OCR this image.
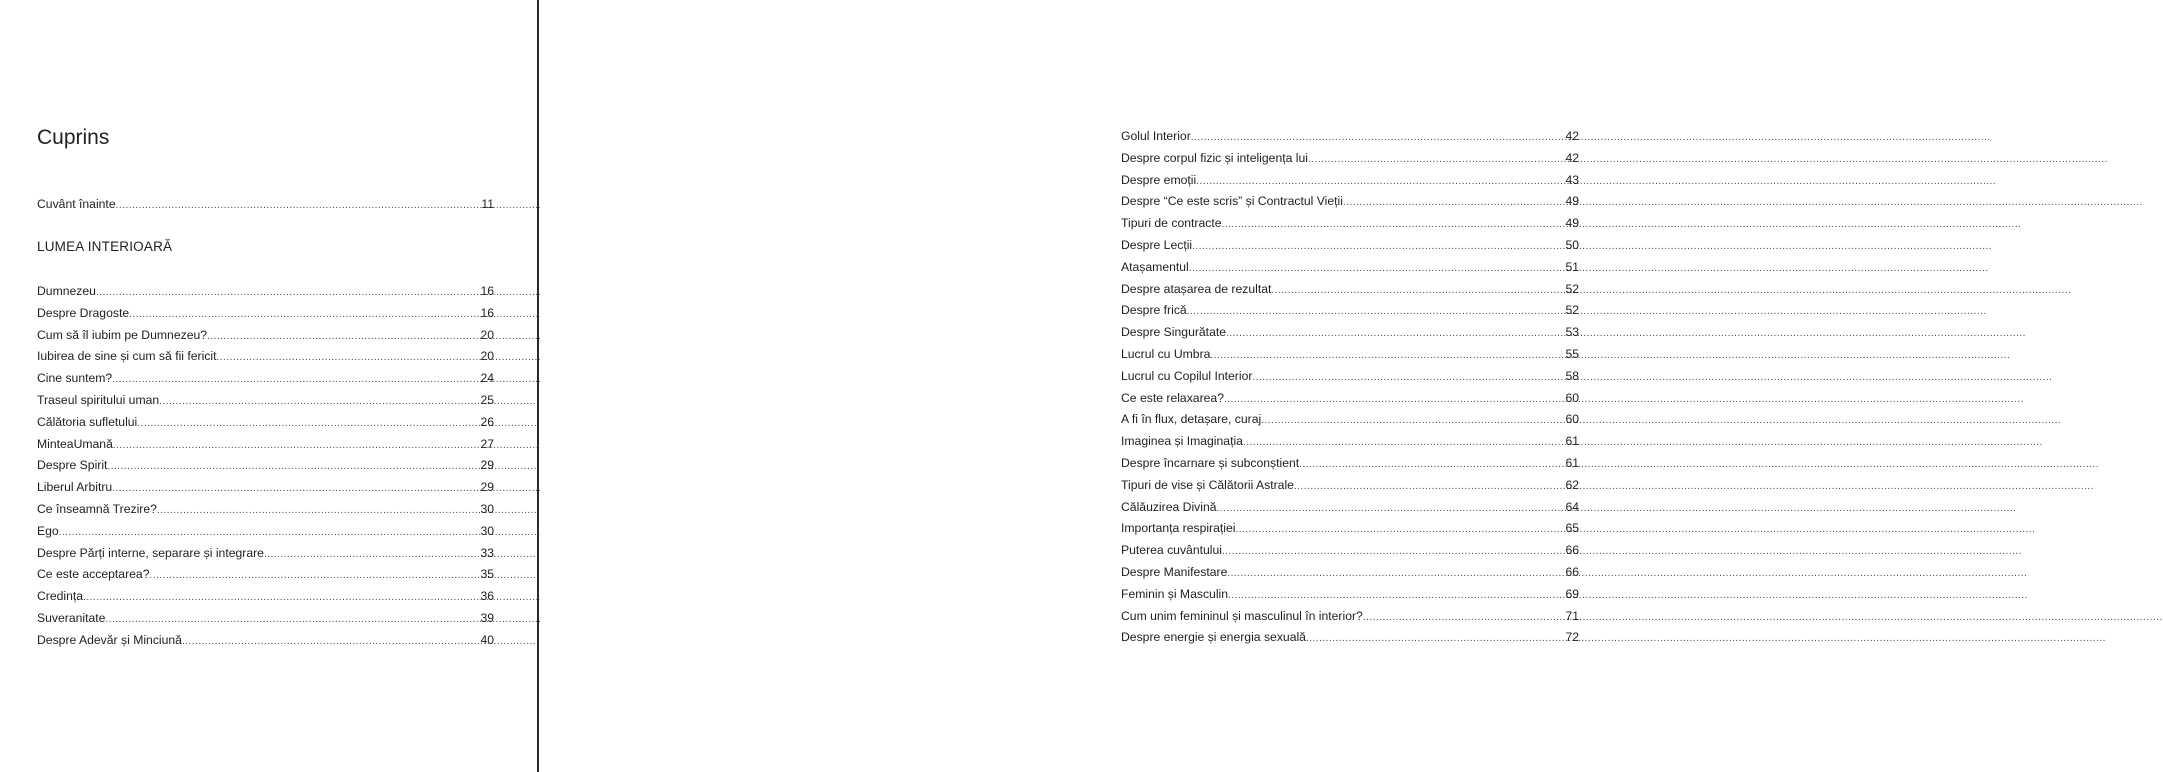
Cuprins
Cuvânt înainte .....	11
LUMEA INTERIOARĂ
Dumnezeu .....	16
Despre Dragoste .....	16
Cum să îl iubim pe Dumnezeu? .....	20
Iubirea de sine și cum să fii fericit .....	20
Cine suntem? .....	24
Traseul spiritului uman .....	25
Călătoria sufletului .....	26
MinteaUmană .....	27
Despre Spirit .....	29
Liberul Arbitru .....	29
Ce înseamnă Trezire? .....	30
Ego .....	30
Despre Părți interne, separare și integrare .....	33
Ce este acceptarea? .....	35
Credința .....	36
Suveranitate .....	39
Despre Adevăr și Minciună .....	40
Golul Interior .....	42
Despre corpul fizic și inteligența lui .....	42
Despre emoții .....	43
Despre “Ce este scris” și Contractul Vieții .....	49
Tipuri de contracte .....	49
Despre Lecții .....	50
Atașamentul .....	51
Despre atașarea de rezultat .....	52
Despre frică .....	52
Despre Singurătate .....	53
Lucrul cu Umbra .....	55
Lucrul cu Copilul Interior .....	58
Ce este relaxarea? .....	60
A fi în flux, detașare, curaj .....	60
Imaginea și Imaginația .....	61
Despre încarnare și subconștient .....	61
Tipuri de vise și Călătorii Astrale .....	62
Călăuzirea Divină .....	64
Importanța respirației .....	65
Puterea cuvântului .....	66
Despre Manifestare .....	66
Feminin și Masculin .....	69
Cum unim femininul și masculinul în interior? .....	71
Despre energie și energia sexuală .....	72
